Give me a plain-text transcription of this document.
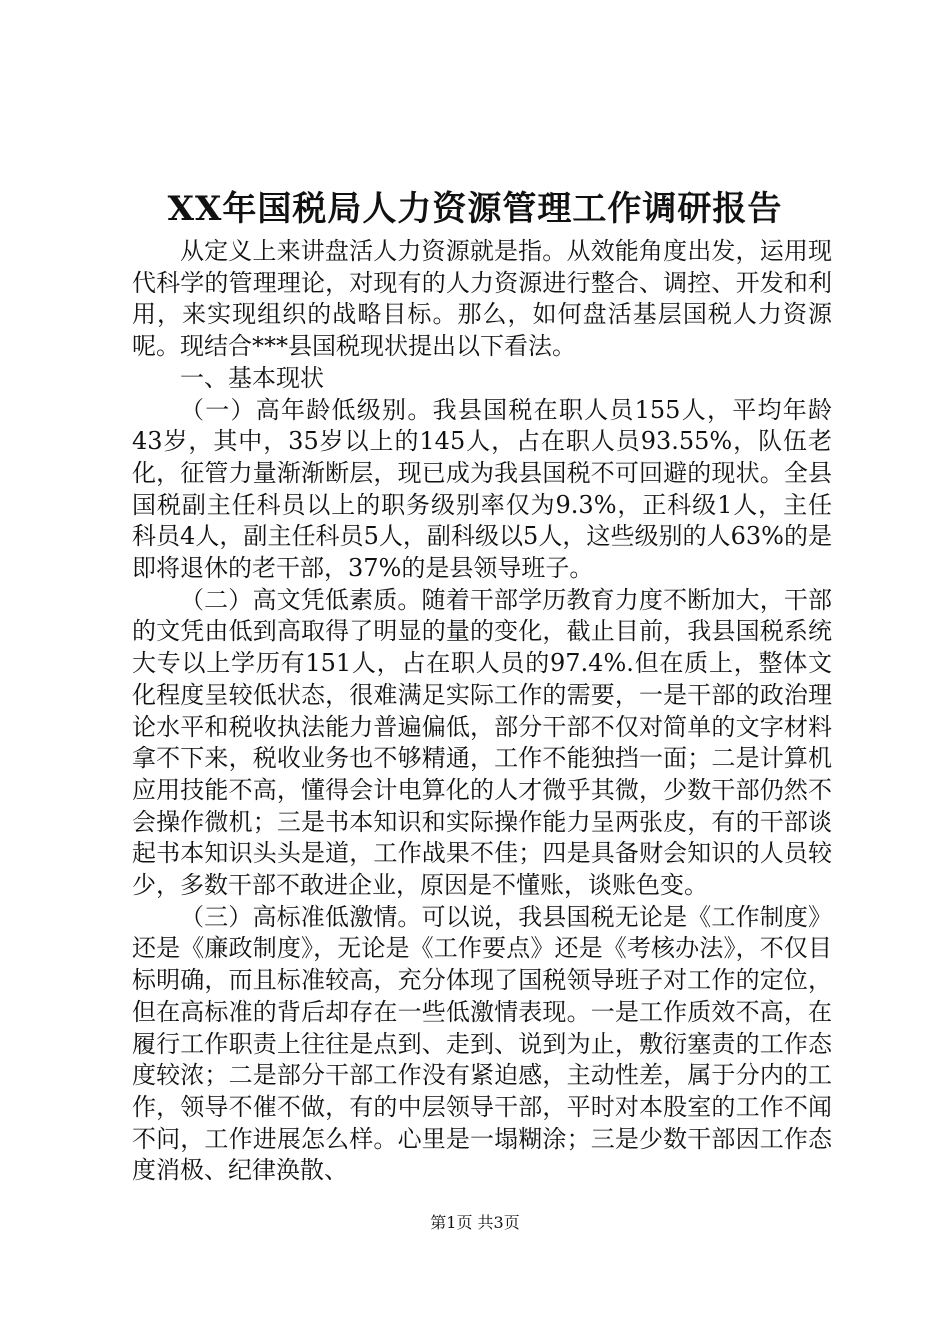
XX年国税局人力资源管理工作调研报告

从定义上来讲盘活人力资源就是指。从效能角度出发，运用现代科学的管理理论，对现有的人力资源进行整合、调控、开发和利用，来实现组织的战略目标。那么，如何盘活基层国税人力资源呢。现结合***县国税现状提出以下看法。

一、基本现状

（一）高年龄低级别。我县国税在职人员155人，平均年龄43岁，其中，35岁以上的145人，占在职人员93.55%，队伍老化，征管力量渐渐断层，现已成为我县国税不可回避的现状。全县国税副主任科员以上的职务级别率仅为9.3%，正科级1人，主任科员4人，副主任科员5人，副科级以5人，这些级别的人63%的是即将退休的老干部，37%的是县领导班子。

（二）高文凭低素质。随着干部学历教育力度不断加大，干部的文凭由低到高取得了明显的量的变化，截止目前，我县国税系统大专以上学历有151人，占在职人员的97.4%.但在质上，整体文化程度呈较低状态，很难满足实际工作的需要，一是干部的政治理论水平和税收执法能力普遍偏低，部分干部不仅对简单的文字材料拿不下来，税收业务也不够精通，工作不能独挡一面；二是计算机应用技能不高，懂得会计电算化的人才微乎其微，少数干部仍然不会操作微机；三是书本知识和实际操作能力呈两张皮，有的干部谈起书本知识头头是道，工作战果不佳；四是具备财会知识的人员较少，多数干部不敢进企业，原因是不懂账，谈账色变。

（三）高标准低激情。可以说，我县国税无论是《工作制度》还是《廉政制度》，无论是《工作要点》还是《考核办法》，不仅目标明确，而且标准较高，充分体现了国税领导班子对工作的定位，但在高标准的背后却存在一些低激情表现。一是工作质效不高，在履行工作职责上往往是点到、走到、说到为止，敷衍塞责的工作态度较浓；二是部分干部工作没有紧迫感，主动性差，属于分内的工作，领导不催不做，有的中层领导干部，平时对本股室的工作不闻不问，工作进展怎么样。心里是一塌糊涂；三是少数干部因工作态度消极、纪律涣散、

第1页 共3页
